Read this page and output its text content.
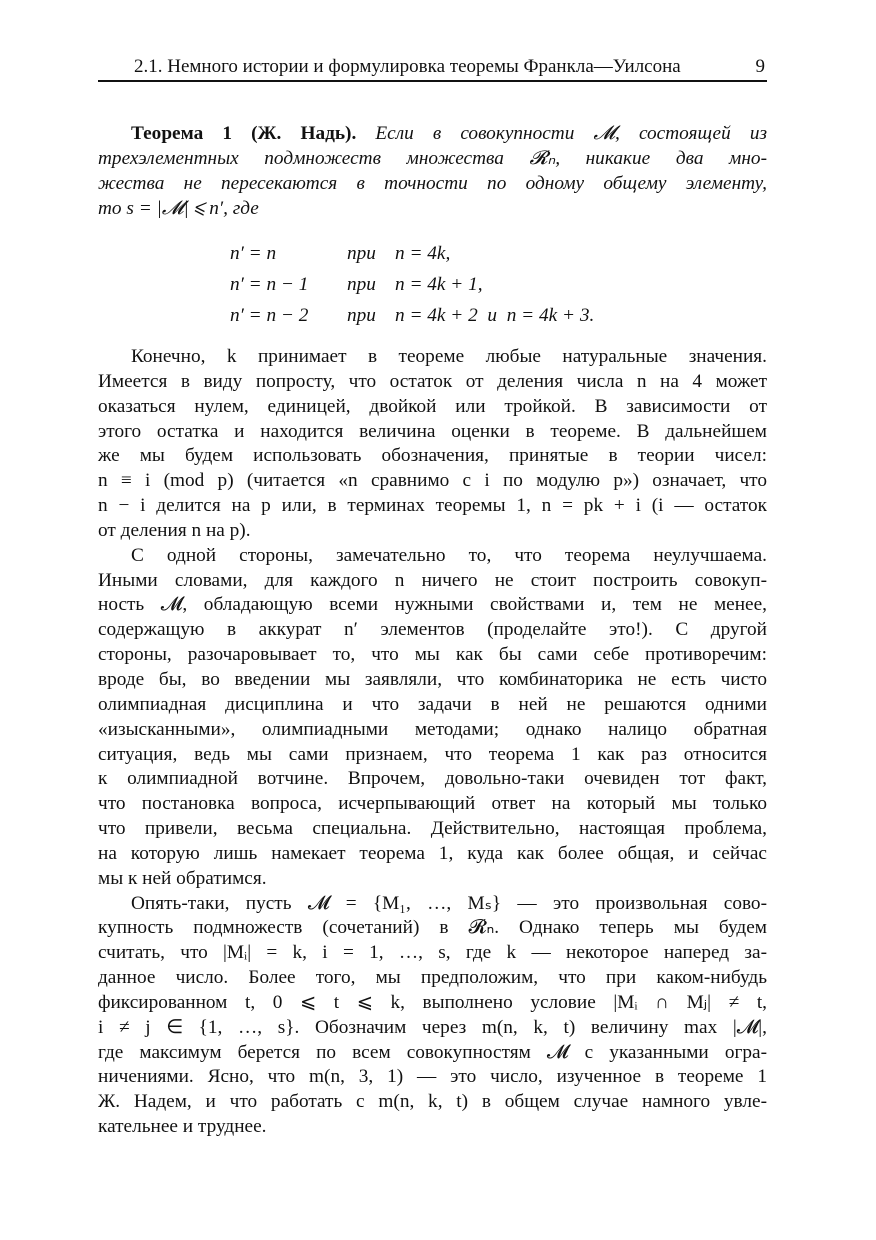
2.1. Немного истории и формулировка теоремы Франкла—Уилсона	9
Теорема 1 (Ж. Надь). Если в совокупности 𝓜, состоящей из
трехэлементных подмножеств множества 𝓡ₙ, никакие два мно-
жества не пересекаются в точности по одному общему элементу,
то s = |𝓜| ⩽ n′, где
n′ = n	при n = 4k,
n′ = n − 1 при n = 4k + 1,
n′ = n − 2 при n = 4k + 2  и  n = 4k + 3.
Конечно, k принимает в теореме любые натуральные значения.
Имеется в виду попросту, что остаток от деления числа n на 4 может
оказаться нулем, единицей, двойкой или тройкой. В зависимости от
этого остатка и находится величина оценки в теореме. В дальнейшем
же мы будем использовать обозначения, принятые в теории чисел:
n ≡ i (mod p) (читается «n сравнимо с i по модулю p») означает, что
n − i делится на p или, в терминах теоремы 1, n = pk + i (i — остаток
от деления n на p).
С одной стороны, замечательно то, что теорема неулучшаема.
Иными словами, для каждого n ничего не стоит построить совокуп-
ность 𝓜, обладающую всеми нужными свойствами и, тем не менее,
содержащую в аккурат n′ элементов (проделайте это!). С другой
стороны, разочаровывает то, что мы как бы сами себе противоречим:
вроде бы, во введении мы заявляли, что комбинаторика не есть чисто
олимпиадная дисциплина и что задачи в ней не решаются одними
«изысканными», олимпиадными методами; однако налицо обратная
ситуация, ведь мы сами признаем, что теорема 1 как раз относится
к олимпиадной вотчине. Впрочем, довольно-таки очевиден тот факт,
что постановка вопроса, исчерпывающий ответ на который мы только
что привели, весьма специальна. Действительно, настоящая проблема,
на которую лишь намекает теорема 1, куда как более общая, и сейчас
мы к ней обратимся.
Опять-таки, пусть 𝓜 = {M₁, …, Mₛ} — это произвольная сово-
купность подмножеств (сочетаний) в 𝓡ₙ. Однако теперь мы будем
считать, что |Mᵢ| = k, i = 1, …, s, где k — некоторое наперед за-
данное число. Более того, мы предположим, что при каком-нибудь
фиксированном t, 0 ⩽ t ⩽ k, выполнено условие |Mᵢ ∩ Mⱼ| ≠ t,
i ≠ j ∈ {1, …, s}. Обозначим через m(n, k, t) величину max |𝓜|,
где максимум берется по всем совокупностям 𝓜 с указанными огра-
ничениями. Ясно, что m(n, 3, 1) — это число, изученное в теореме 1
Ж. Надем, и что работать с m(n, k, t) в общем случае намного увле-
кательнее и труднее.
